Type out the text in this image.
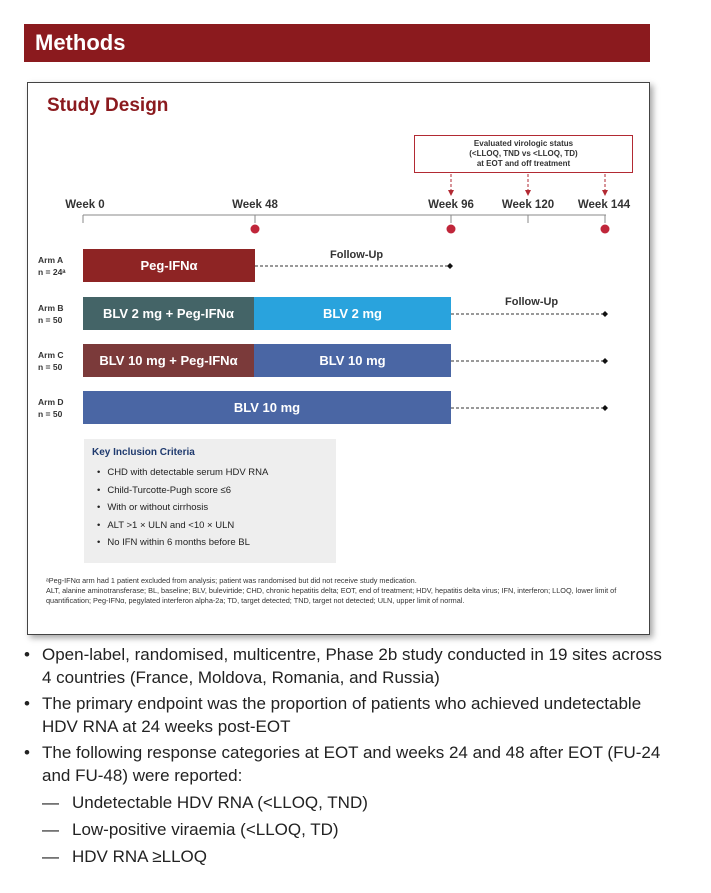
Methods
Study Design
Evaluated virologic status
(<LLOQ, TND vs <LLOQ, TD)
at EOT and off treatment
Week 0	Week 48	Week 96 Week 120 Week 144
Arm A
n = 24ᵃ	Peg-IFNα
Follow-Up
Arm B
n = 50	BLV 2 mg + Peg-IFNα	BLV 2 mg
Follow-Up
Arm C
n = 50	BLV 10 mg + Peg-IFNα	BLV 10 mg
Arm D
n = 50	BLV 10 mg
Key Inclusion Criteria
• CHD with detectable serum HDV RNA
• Child-Turcotte-Pugh score ≤6
• With or without cirrhosis
• ALT >1 × ULN and <10 × ULN
• No IFN within 6 months before BL
ᵃPeg-IFNα arm had 1 patient excluded from analysis; patient was randomised but did not receive study medication.
ALT, alanine aminotransferase; BL, baseline; BLV, bulevirtide; CHD, chronic hepatitis delta; EOT, end of treatment; HDV, hepatitis delta virus; IFN, interferon; LLOQ, lower limit of quantification; Peg-IFNα, pegylated interferon alpha-2a; TD, target detected; TND, target not detected; ULN, upper limit of normal.
• Open-label, randomised, multicentre, Phase 2b study conducted in 19 sites across 4 countries (France, Moldova, Romania, and Russia)
• The primary endpoint was the proportion of patients who achieved undetectable HDV RNA at 24 weeks post-EOT
• The following response categories at EOT and weeks 24 and 48 after EOT (FU-24 and FU-48) were reported:
— Undetectable HDV RNA (<LLOQ, TND)
— Low-positive viraemia (<LLOQ, TD)
— HDV RNA ≥LLOQ
